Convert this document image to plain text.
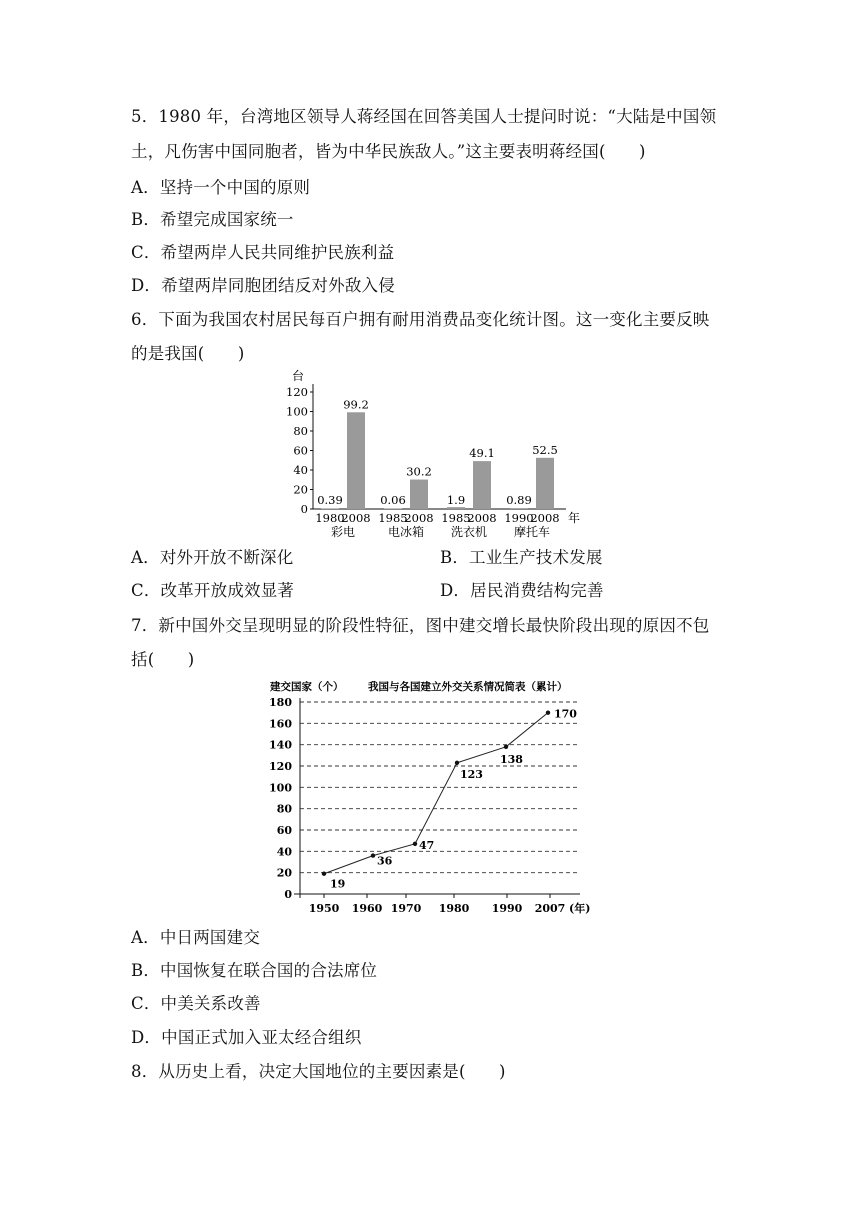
5．1980 年，台湾地区领导人蒋经国在回答美国人士提问时说：“大陆是中国领
土，凡伤害中国同胞者，皆为中华民族敌人。”这主要表明蒋经国(　　)
A．坚持一个中国的原则
B．希望完成国家统一
C．希望两岸人民共同维护民族利益
D．希望两岸同胞团结反对外敌入侵
6．下面为我国农村居民每百户拥有耐用消费品变化统计图。这一变化主要反映
的是我国(　　)
台
0
20
40
60
80
100
120
0.39
1980
99.2
2008
彩电
0.06
1985
30.2
2008
电冰箱
1.9
1985
49.1
2008
洗衣机
0.89
1990
52.5
2008
摩托车
年
A．对外开放不断深化	B．工业生产技术发展
C．改革开放成效显著	D．居民消费结构完善
7．新中国外交呈现明显的阶段性特征，图中建交增长最快阶段出现的原因不包
括(　　)
建交国家（个） 我国与各国建立外交关系情况简表（累计）
0
20
40
60
80
100
120
140
160
180
1950 1960 1970 1980 1990 2007 (年)
19
36
47
123
138
170
A．中日两国建交
B．中国恢复在联合国的合法席位
C．中美关系改善
D．中国正式加入亚太经合组织
8．从历史上看，决定大国地位的主要因素是(　　)
